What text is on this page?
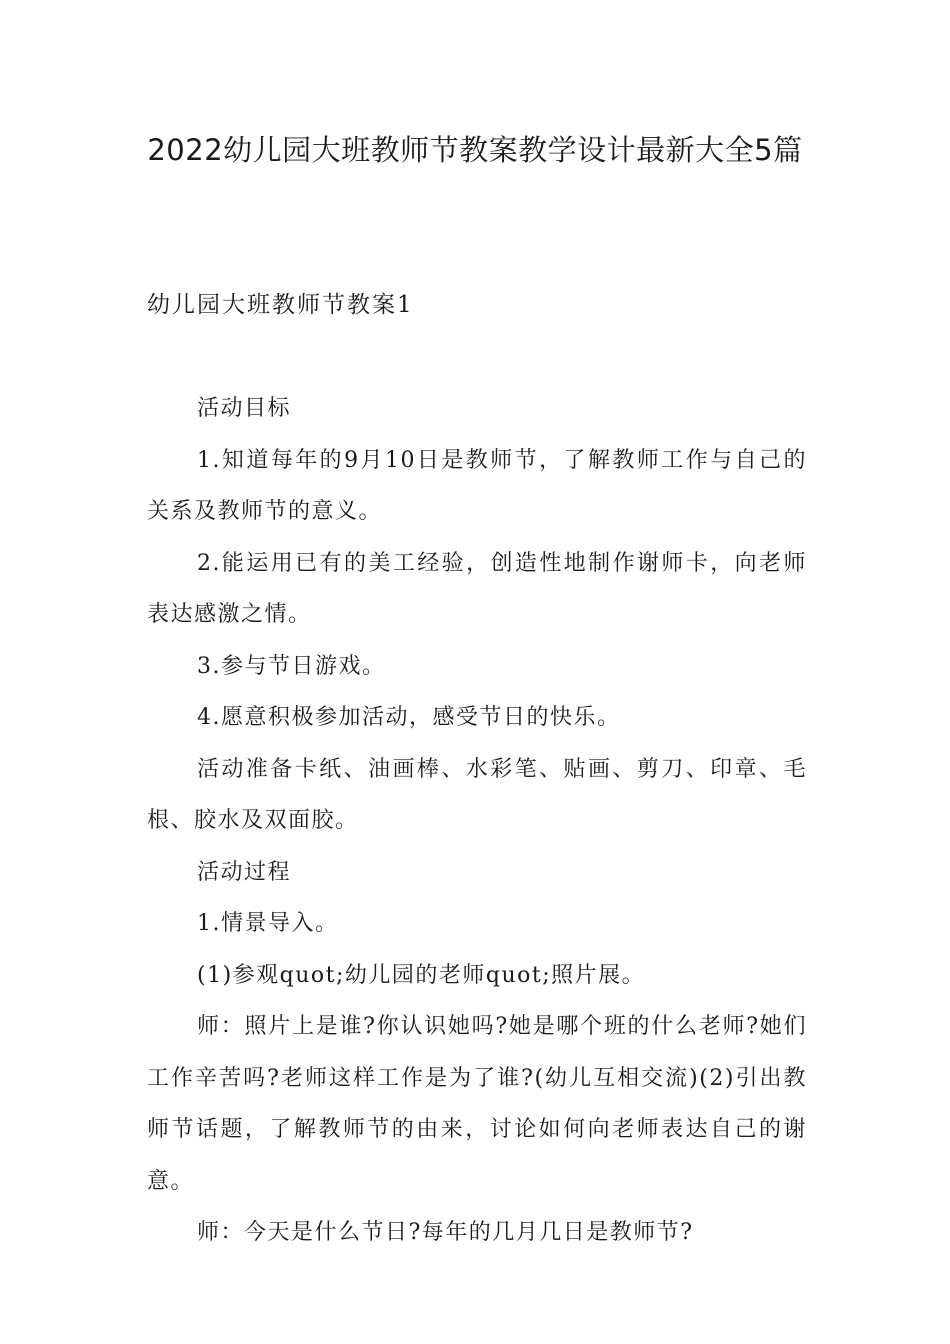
2022幼儿园大班教师节教案教学设计最新大全5篇
幼儿园大班教师节教案1

活动目标

1.知道每年的9月10日是教师节，了解教师工作与自己的关系及教师节的意义。

2.能运用已有的美工经验，创造性地制作谢师卡，向老师表达感激之情。

3.参与节日游戏。

4.愿意积极参加活动，感受节日的快乐。

活动准备卡纸、油画棒、水彩笔、贴画、剪刀、印章、毛根、胶水及双面胶。

活动过程

1.情景导入。

(1)参观quot;幼儿园的老师quot;照片展。

师：照片上是谁?你认识她吗?她是哪个班的什么老师?她们工作辛苦吗?老师这样工作是为了谁?(幼儿互相交流)(2)引出教师节话题，了解教师节的由来，讨论如何向老师表达自己的谢意。

师：今天是什么节日?每年的几月几日是教师节?
